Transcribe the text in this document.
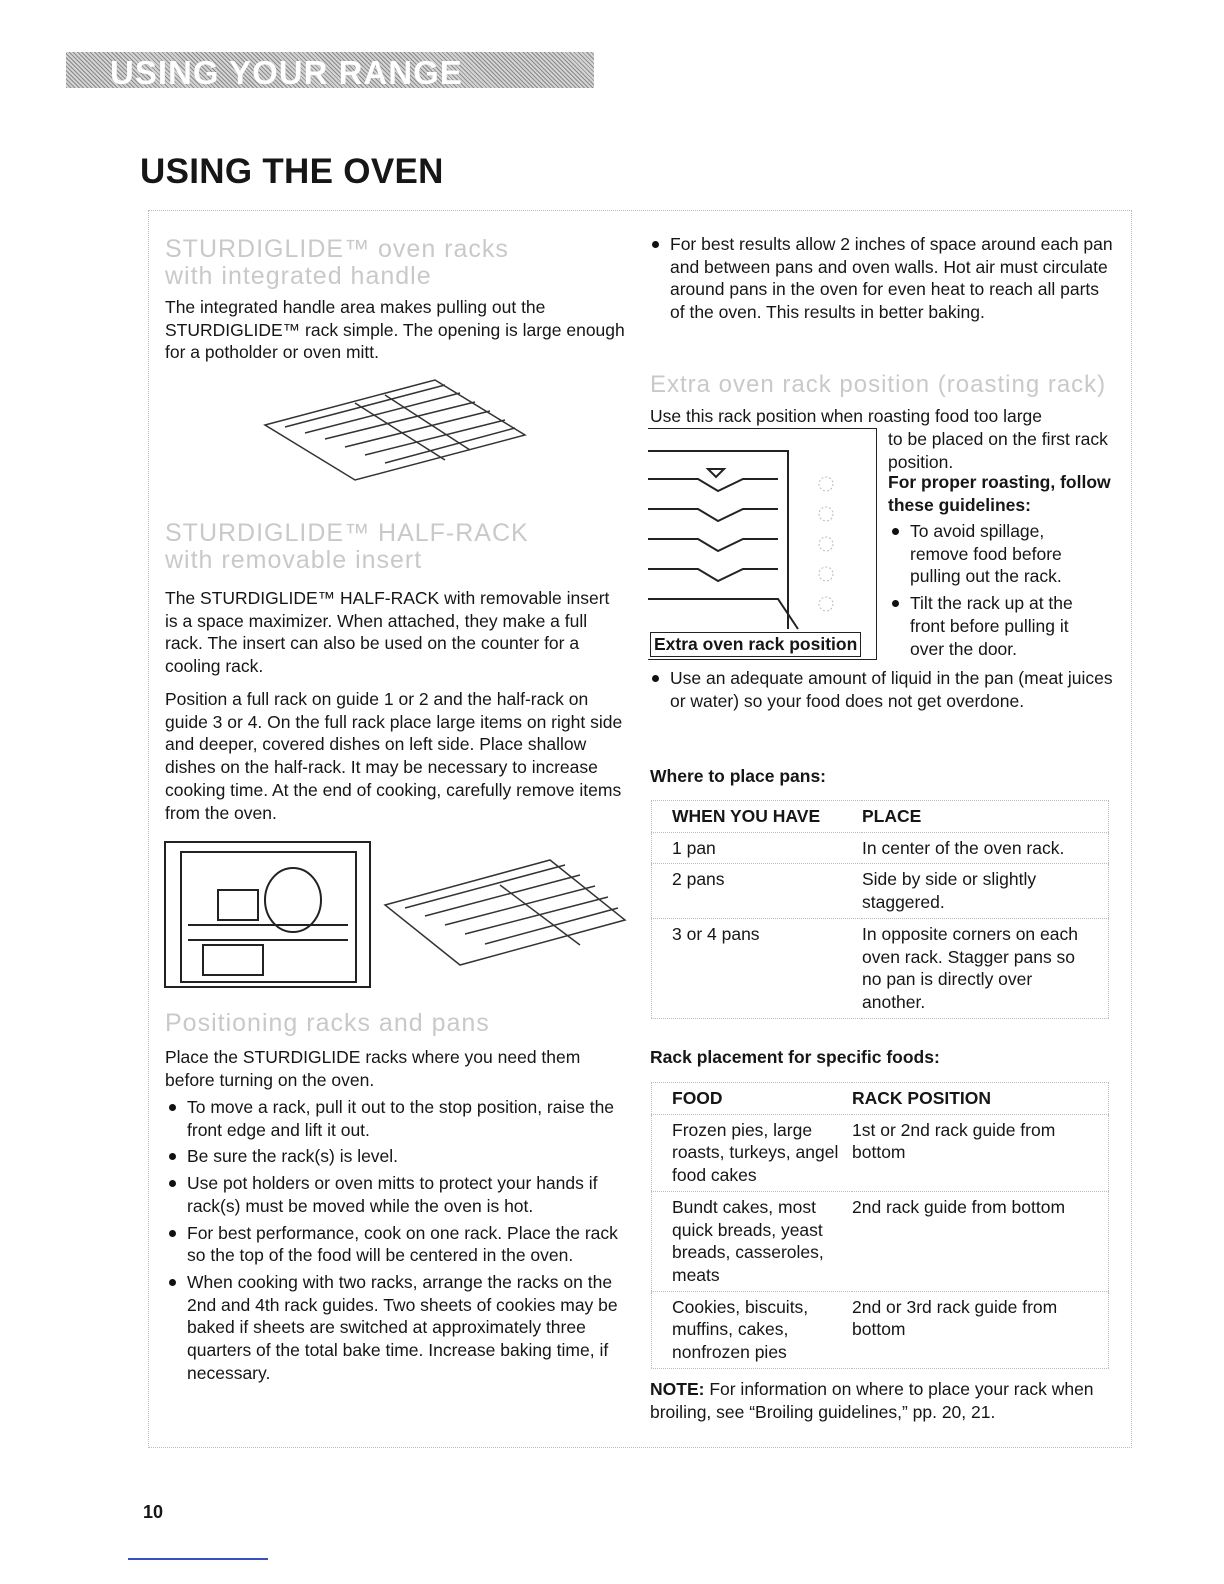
USING YOUR RANGE
USING THE OVEN
STURDIGLIDE™ oven racks with integrated handle

The integrated handle area makes pulling out the STURDIGLIDE™ rack simple. The opening is large enough for a potholder or oven mitt.

STURDIGLIDE™ HALF-RACK with removable insert

The STURDIGLIDE™ HALF-RACK with removable insert is a space maximizer. When attached, they make a full rack. The insert can also be used on the counter for a cooling rack.

Position a full rack on guide 1 or 2 and the half-rack on guide 3 or 4. On the full rack place large items on right side and deeper, covered dishes on left side. Place shallow dishes on the half-rack. It may be necessary to increase cooking time. At the end of cooking, carefully remove items from the oven.

Positioning racks and pans

Place the STURDIGLIDE racks where you need them before turning on the oven.

To move a rack, pull it out to the stop position, raise the front edge and lift it out.
Be sure the rack(s) is level.
Use pot holders or oven mitts to protect your hands if rack(s) must be moved while the oven is hot.
For best performance, cook on one rack. Place the rack so the top of the food will be centered in the oven.
When cooking with two racks, arrange the racks on the 2nd and 4th rack guides. Two sheets of cookies may be baked if sheets are switched at approximately three quarters of the total bake time. Increase baking time, if necessary.
For best results allow 2 inches of space around each pan and between pans and oven walls. Hot air must circulate around pans in the oven for even heat to reach all parts of the oven. This results in better baking.
Extra oven rack position (roasting rack)

Use this rack position when roasting food too large

to be placed on the first rack position.

Extra oven rack position

For proper roasting, follow these guidelines:

To avoid spillage, remove food before pulling out the rack.
Tilt the rack up at the front before pulling it over the door.
Use an adequate amount of liquid in the pan (meat juices or water) so your food does not get overdone.

Where to place pans:

WHEN YOU HAVE	PLACE
1 pan	In center of the oven rack.
2 pans	Side by side or slightly staggered.
3 or 4 pans	In opposite corners on each oven rack. Stagger pans so no pan is directly over another.

Rack placement for specific foods:

FOOD	RACK POSITION
Frozen pies, large roasts, turkeys, angel food cakes	1st or 2nd rack guide from bottom
Bundt cakes, most quick breads, yeast breads, casseroles, meats	2nd rack guide from bottom
Cookies, biscuits, muffins, cakes, nonfrozen pies	2nd or 3rd rack guide from bottom

NOTE: For information on where to place your rack when broiling, see “Broiling guidelines,” pp. 20, 21.

10
